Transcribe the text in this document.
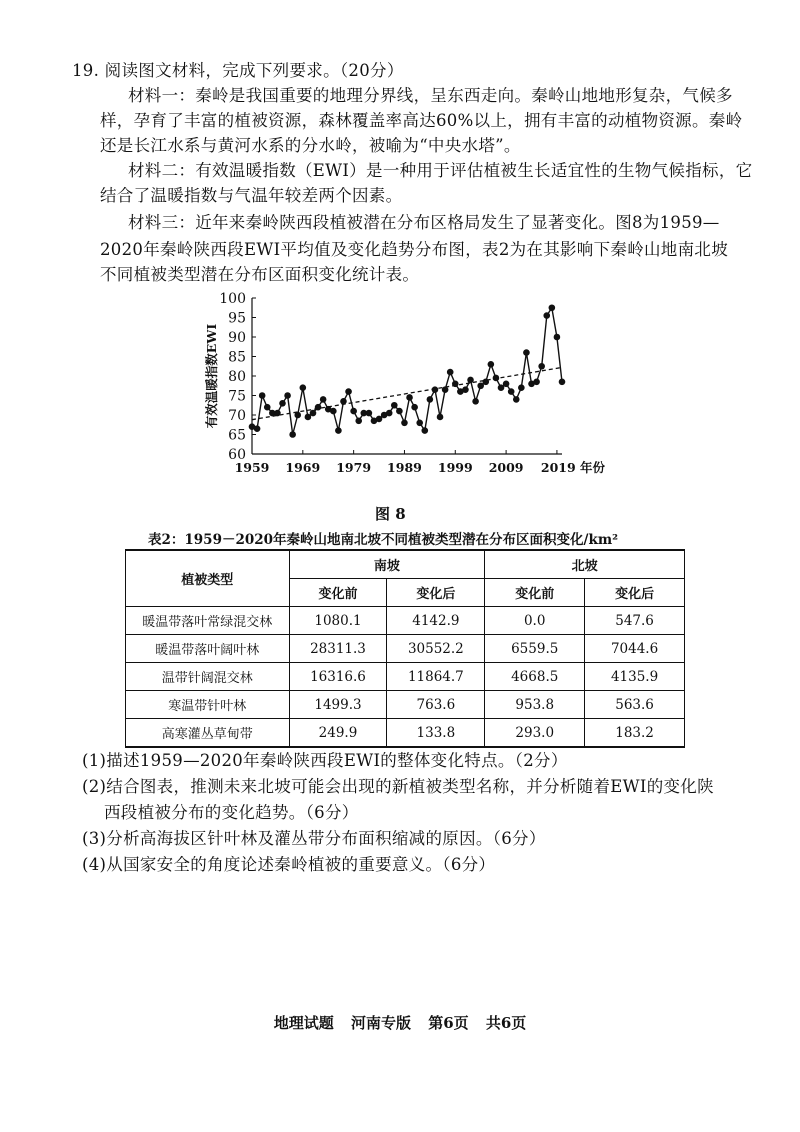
19. 阅读图文材料，完成下列要求。（20分）
材料一：秦岭是我国重要的地理分界线，呈东西走向。秦岭山地地形复杂，气候多
样，孕育了丰富的植被资源，森林覆盖率高达60%以上，拥有丰富的动植物资源。秦岭
还是长江水系与黄河水系的分水岭，被喻为“中央水塔”。
材料二：有效温暖指数（EWI）是一种用于评估植被生长适宜性的生物气候指标，它
结合了温暖指数与气温年较差两个因素。
材料三：近年来秦岭陕西段植被潜在分布区格局发生了显著变化。图8为1959—
2020年秦岭陕西段EWI平均值及变化趋势分布图，表2为在其影响下秦岭山地南北坡
不同植被类型潜在分布区面积变化统计表。
60
65
70
75
80
85
90
95
100
1959 1969 1979 1989 1999 2009 2019 年份
有效温暖指数EWI
图 8
表2：1959－2020年秦岭山地南北坡不同植被类型潜在分布区面积变化/km²
植被类型	南坡		北坡	
	变化前	变化后	变化前	变化后
暖温带落叶常绿混交林	1080.1	4142.9	0.0	547.6
暖温带落叶阔叶林	28311.3	30552.2	6559.5	7044.6
温带针阔混交林	16316.6	11864.7	4668.5	4135.9
寒温带针叶林	1499.3	763.6	953.8	563.6
高寒灌丛草甸带	249.9	133.8	293.0	183.2
(1)描述1959—2020年秦岭陕西段EWI的整体变化特点。（2分）
(2)结合图表，推测未来北坡可能会出现的新植被类型名称，并分析随着EWI的变化陕
西段植被分布的变化趋势。（6分）
(3)分析高海拔区针叶林及灌丛带分布面积缩减的原因。（6分）
(4)从国家安全的角度论述秦岭植被的重要意义。（6分）
地理试题 河南专版 第6页 共6页
